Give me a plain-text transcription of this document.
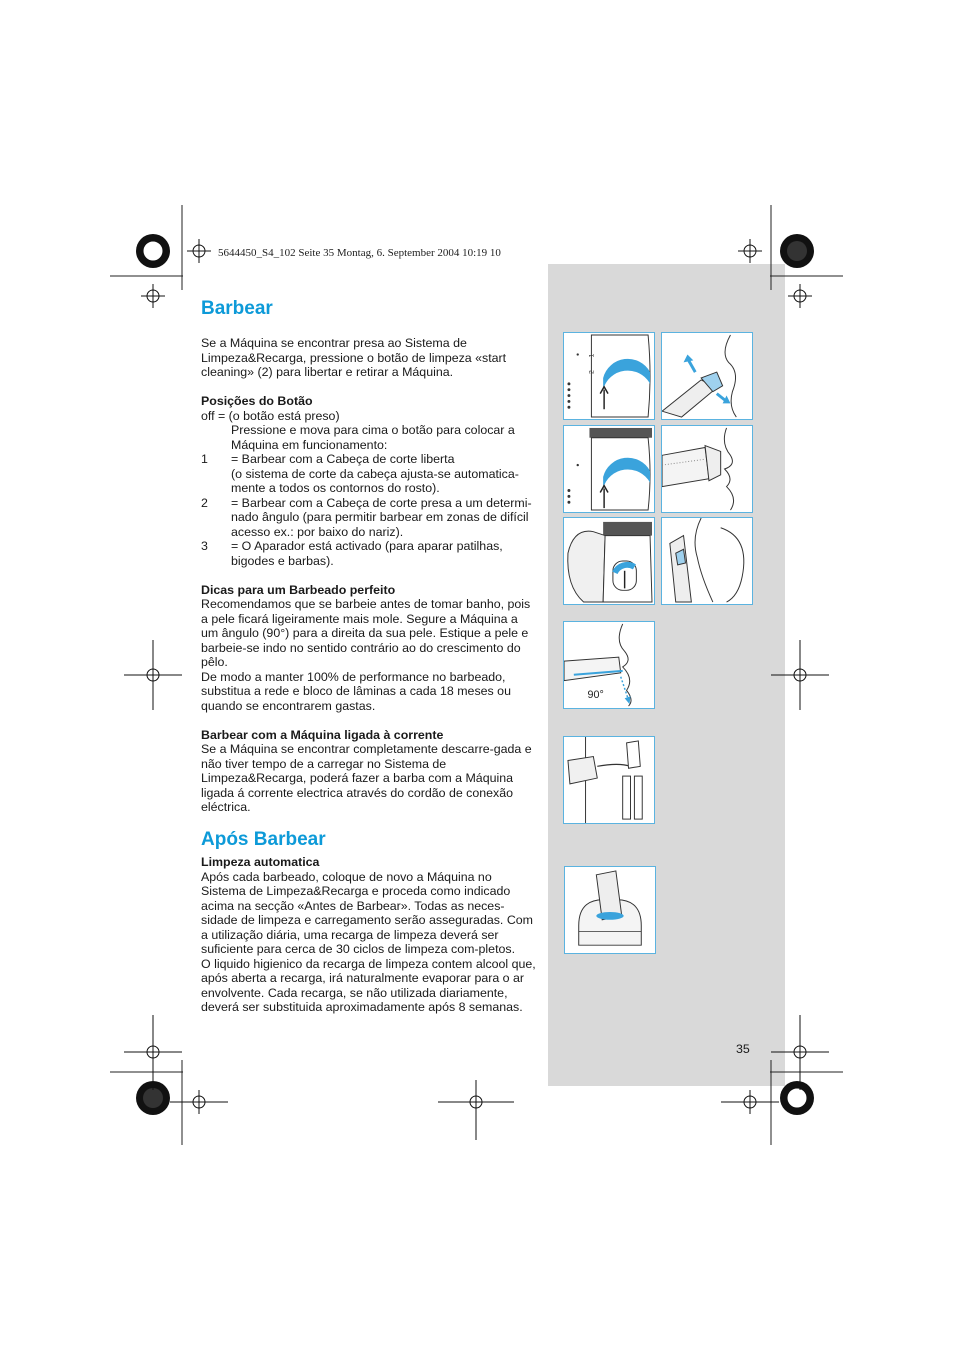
5644450_S4_102 Seite 35 Montag, 6. September 2004 10:19 10
Barbear

Se a Máquina se encontrar presa ao Sistema de Limpeza&Recarga, pressione o botão de limpeza «start cleaning» (2) para libertar e retirar a Máquina.

Posições do Botão

off = (o botão está preso)

Pressione e mova para cima o botão para colocar a Máquina em funcionamento:

1	= Barbear com a Cabeça de corte liberta
(o sistema de corte da cabeça ajusta-se automatica-mente a todos os contornos do rosto).
2	= Barbear com a Cabeça de corte presa a um determi-nado ângulo (para permitir barbear em zonas de difícil acesso ex.: por baixo do nariz).
3	= O Aparador está activado (para aparar patilhas, bigodes e barbas).
Dicas para um Barbeado perfeito

Recomendamos que se barbeie antes de tomar banho, pois a pele ficará ligeiramente mais mole. Segure a Máquina a um ângulo (90°) para a direita da sua pele. Estique a pele e barbeie-se indo no sentido contrário ao do crescimento do pêlo.

De modo a manter 100% de performance no barbeado, substitua a rede e bloco de lâminas a cada 18 meses ou quando se encontrarem gastas.

Barbear com a Máquina ligada à corrente

Se a Máquina se encontrar completamente descarre-gada e não tiver tempo de a carregar no Sistema de Limpeza&Recarga, poderá fazer a barba com a Máquina ligada á corrente electrica através do cordão de conexão eléctrica.

Após Barbear
Limpeza automatica

Após cada barbeado, coloque de novo a Máquina no Sistema de Limpeza&Recarga e proceda como indicado acima na secção «Antes de Barbear». Todas as neces-sidade de limpeza e carregamento serão asseguradas. Com a utilização diária, uma recarga de limpeza deverá ser suficiente para cerca de 30 ciclos de limpeza com-pletos.

O liquido higienico da recarga de limpeza contem alcool que, após aberta a recarga, irá naturalmente evaporar para o ar envolvente. Cada recarga, se não utilizada diariamente, deverá ser substituida aproximadamente após 8 semanas.

35
1
2
90°
